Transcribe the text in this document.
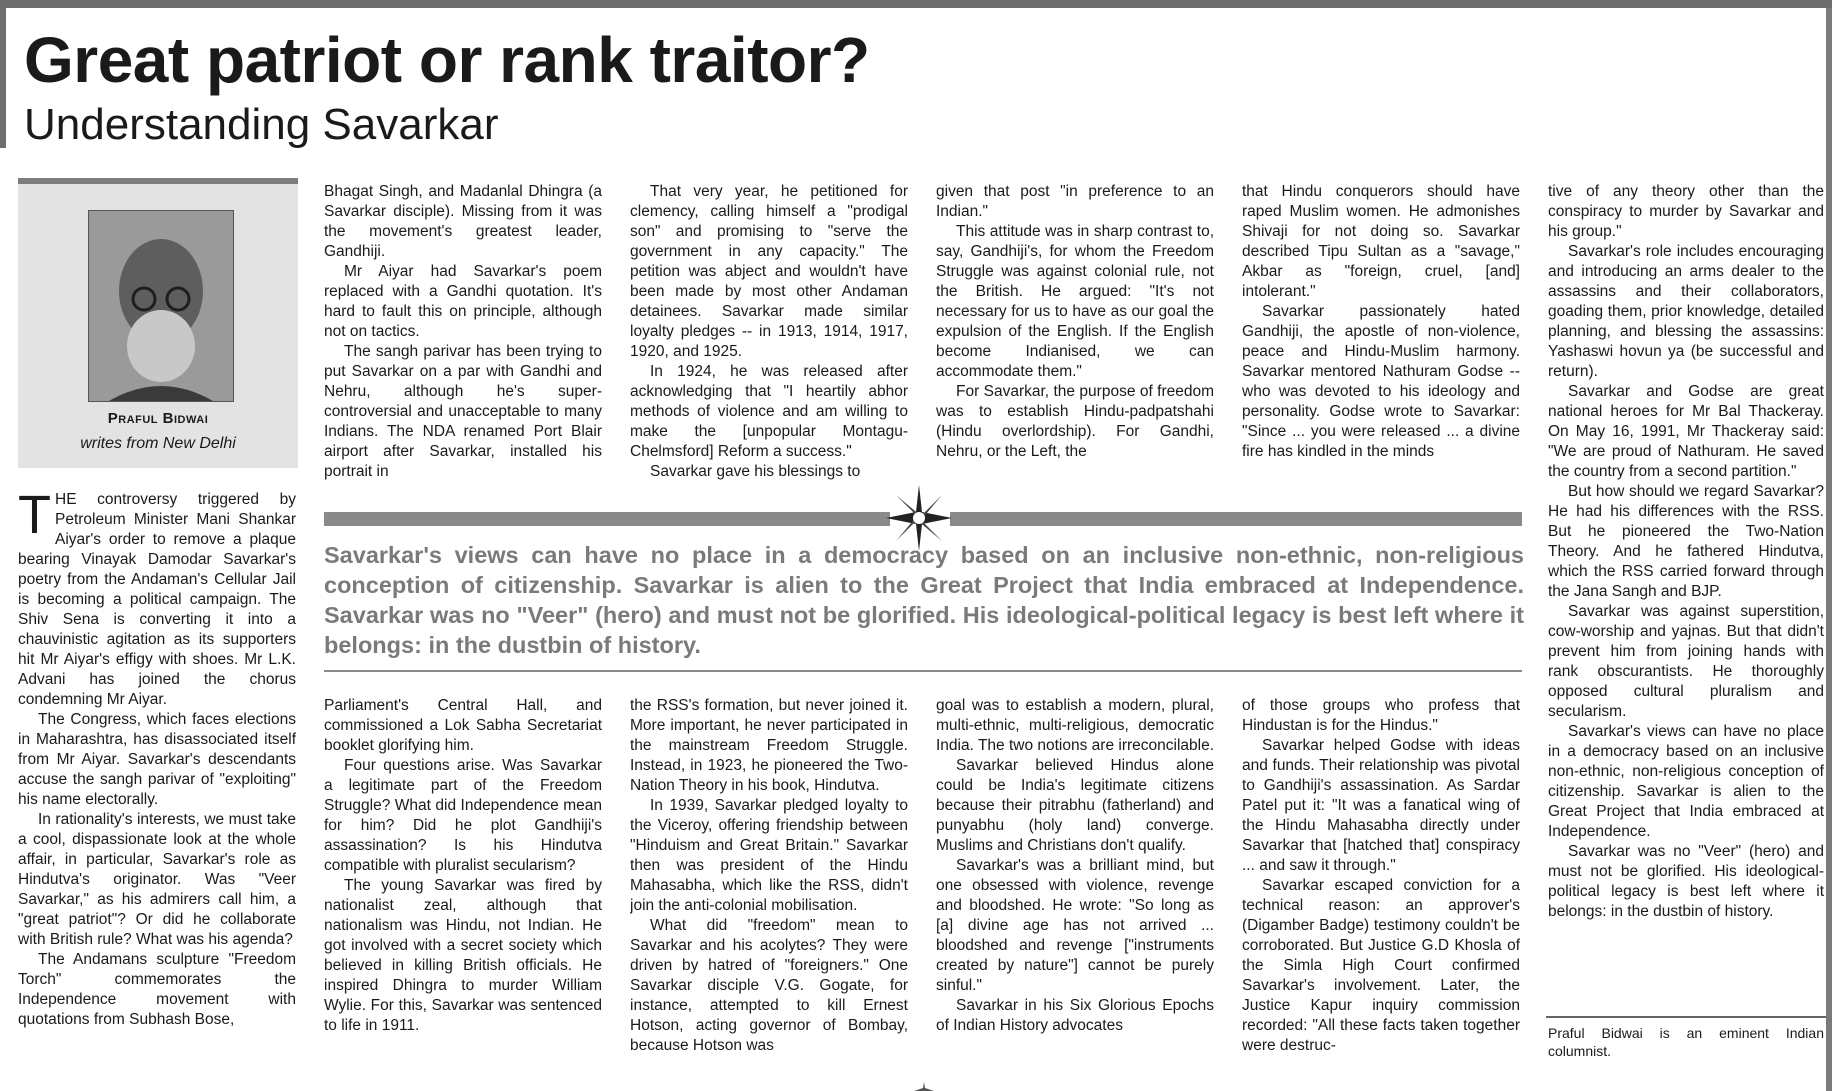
Great patriot or rank traitor?
Understanding Savarkar
Praful Bidwai
writes from New Delhi
T HE controversy triggered by Petroleum Minister Mani Shankar Aiyar's order to remove a plaque bearing Vinayak Damodar Savarkar's poetry from the Andaman's Cellular Jail is becoming a political campaign. The Shiv Sena is converting it into a chauvinistic agitation as its supporters hit Mr Aiyar's effigy with shoes. Mr L.K. Advani has joined the chorus condemning Mr Aiyar.

The Congress, which faces elections in Maharashtra, has disassociated itself from Mr Aiyar. Savarkar's descendants accuse the sangh parivar of "exploiting" his name electorally.

In rationality's interests, we must take a cool, dispassionate look at the whole affair, in particular, Savarkar's role as Hindutva's originator. Was "Veer Savarkar," as his admirers call him, a "great patriot"? Or did he collaborate with British rule? What was his agenda?

The Andamans sculpture "Freedom Torch" commemorates the Independence movement with quotations from Subhash Bose,

Bhagat Singh, and Madanlal Dhingra (a Savarkar disciple). Missing from it was the movement's greatest leader, Gandhiji.

Mr Aiyar had Savarkar's poem replaced with a Gandhi quotation. It's hard to fault this on principle, although not on tactics.

The sangh parivar has been trying to put Savarkar on a par with Gandhi and Nehru, although he's super-controversial and unacceptable to many Indians. The NDA renamed Port Blair airport after Savarkar, installed his portrait in

That very year, he petitioned for clemency, calling himself a "prodigal son" and promising to "serve the government in any capacity." The petition was abject and wouldn't have been made by most other Andaman detainees. Savarkar made similar loyalty pledges -- in 1913, 1914, 1917, 1920, and 1925.

In 1924, he was released after acknowledging that "I heartily abhor methods of violence and am willing to make the [unpopular Montagu-Chelmsford] Reform a success."

Savarkar gave his blessings to

given that post "in preference to an Indian."

This attitude was in sharp contrast to, say, Gandhiji's, for whom the Freedom Struggle was against colonial rule, not the British. He argued: "It's not necessary for us to have as our goal the expulsion of the English. If the English become Indianised, we can accommodate them."

For Savarkar, the purpose of freedom was to establish Hindu-padpatshahi (Hindu overlordship). For Gandhi, Nehru, or the Left, the

that Hindu conquerors should have raped Muslim women. He admonishes Shivaji for not doing so. Savarkar described Tipu Sultan as a "savage," Akbar as "foreign, cruel, [and] intolerant."

Savarkar passionately hated Gandhiji, the apostle of non-violence, peace and Hindu-Muslim harmony. Savarkar mentored Nathuram Godse -- who was devoted to his ideology and personality. Godse wrote to Savarkar: "Since ... you were released ... a divine fire has kindled in the minds

tive of any theory other than the conspiracy to murder by Savarkar and his group."

Savarkar's role includes encouraging and introducing an arms dealer to the assassins and their collaborators, goading them, prior knowledge, detailed planning, and blessing the assassins: Yashaswi hovun ya (be successful and return).

Savarkar and Godse are great national heroes for Mr Bal Thackeray. On May 16, 1991, Mr Thackeray said: "We are proud of Nathuram. He saved the country from a second partition."

But how should we regard Savarkar? He had his differences with the RSS. But he pioneered the Two-Nation Theory. And he fathered Hindutva, which the RSS carried forward through the Jana Sangh and BJP.

Savarkar was against superstition, cow-worship and yajnas. But that didn't prevent him from joining hands with rank obscurantists. He thoroughly opposed cultural pluralism and secularism.

Savarkar's views can have no place in a democracy based on an inclusive non-ethnic, non-religious conception of citizenship. Savarkar is alien to the Great Project that India embraced at Independence.

Savarkar was no "Veer" (hero) and must not be glorified. His ideological-political legacy is best left where it belongs: in the dustbin of history.

Savarkar's views can have no place in a democracy based on an inclusive non-ethnic, non-religious conception of citizenship. Savarkar is alien to the Great Project that India embraced at Independence. Savarkar was no "Veer" (hero) and must not be glorified. His ideological-political legacy is best left where it belongs: in the dustbin of history.

Parliament's Central Hall, and commissioned a Lok Sabha Secretariat booklet glorifying him.

Four questions arise. Was Savarkar a legitimate part of the Freedom Struggle? What did Independence mean for him? Did he plot Gandhiji's assassination? Is his Hindutva compatible with pluralist secularism?

The young Savarkar was fired by nationalist zeal, although that nationalism was Hindu, not Indian. He got involved with a secret society which believed in killing British officials. He inspired Dhingra to murder William Wylie. For this, Savarkar was sentenced to life in 1911.

the RSS's formation, but never joined it. More important, he never participated in the mainstream Freedom Struggle. Instead, in 1923, he pioneered the Two-Nation Theory in his book, Hindutva.

In 1939, Savarkar pledged loyalty to the Viceroy, offering friendship between "Hinduism and Great Britain." Savarkar then was president of the Hindu Mahasabha, which like the RSS, didn't join the anti-colonial mobilisation.

What did "freedom" mean to Savarkar and his acolytes? They were driven by hatred of "foreigners." One Savarkar disciple V.G. Gogate, for instance, attempted to kill Ernest Hotson, acting governor of Bombay, because Hotson was

goal was to establish a modern, plural, multi-ethnic, multi-religious, democratic India. The two notions are irreconcilable.

Savarkar believed Hindus alone could be India's legitimate citizens because their pitrabhu (fatherland) and punyabhu (holy land) converge. Muslims and Christians don't qualify.

Savarkar's was a brilliant mind, but one obsessed with violence, revenge and bloodshed. He wrote: "So long as [a] divine age has not arrived ... bloodshed and revenge ["instruments created by nature"] cannot be purely sinful."

Savarkar in his Six Glorious Epochs of Indian History advocates

of those groups who profess that Hindustan is for the Hindus."

Savarkar helped Godse with ideas and funds. Their relationship was pivotal to Gandhiji's assassination. As Sardar Patel put it: "It was a fanatical wing of the Hindu Mahasabha directly under Savarkar that [hatched that] conspiracy ... and saw it through."

Savarkar escaped conviction for a technical reason: an approver's (Digamber Badge) testimony couldn't be corroborated. But Justice G.D Khosla of the Simla High Court confirmed Savarkar's involvement. Later, the Justice Kapur inquiry commission recorded: "All these facts taken together were destruc-

Praful Bidwai is an eminent Indian columnist.
